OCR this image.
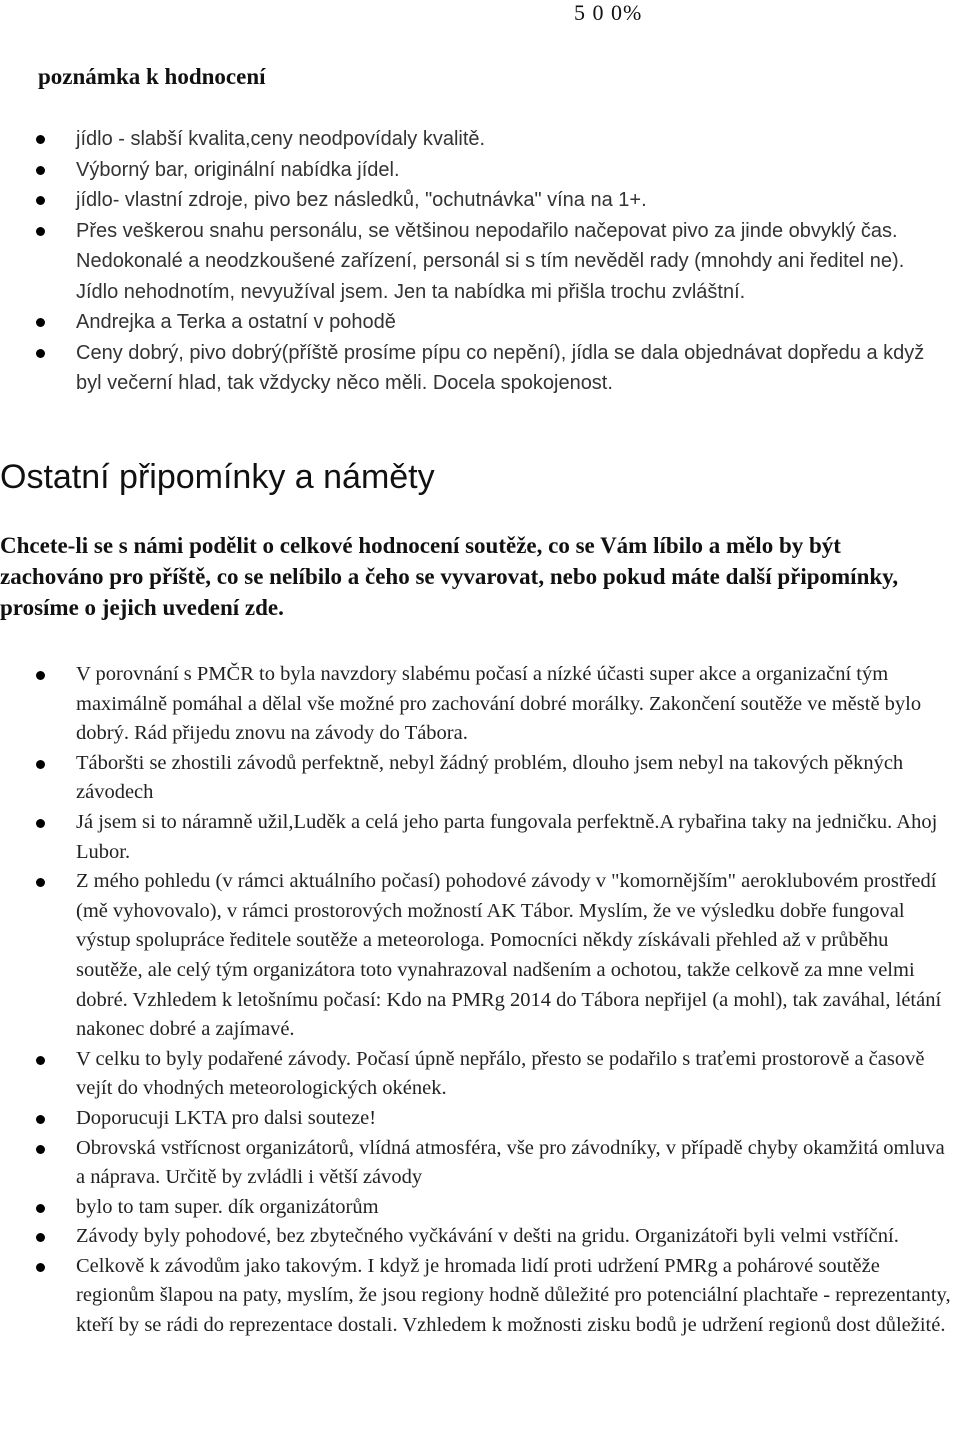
5 0 0%
poznámka k hodnocení
jídlo - slabší kvalita,ceny neodpovídaly kvalitě.
Výborný bar, originální nabídka jídel.
jídlo- vlastní zdroje, pivo bez následků, "ochutnávka" vína na 1+.
Přes veškerou snahu personálu, se většinou nepodařilo načepovat pivo za jinde obvyklý čas. Nedokonalé a neodzkoušené zařízení, personál si s tím nevěděl rady (mnohdy ani ředitel ne). Jídlo nehodnotím, nevyužíval jsem. Jen ta nabídka mi přišla trochu zvláštní.
Andrejka a Terka a ostatní v pohodě
Ceny dobrý, pivo dobrý(příště prosíme pípu co nepění), jídla se dala objednávat dopředu a když byl večerní hlad, tak vždycky něco měli. Docela spokojenost.
Ostatní připomínky a náměty

Chcete-li se s námi podělit o celkové hodnocení soutěže, co se Vám líbilo a mělo by být zachováno pro příště, co se nelíbilo a čeho se vyvarovat, nebo pokud máte další připomínky, prosíme o jejich uvedení zde.

V porovnání s PMČR to byla navzdory slabému počasí a nízké účasti super akce a organizační tým maximálně pomáhal a dělal vše možné pro zachování dobré morálky. Zakončení soutěže ve městě bylo dobrý. Rád přijedu znovu na závody do Tábora.
Táboršti se zhostili závodů perfektně, nebyl žádný problém, dlouho jsem nebyl na takových pěkných závodech
Já jsem si to náramně užil,Luděk a celá jeho parta fungovala perfektně.A rybařina taky na jedničku. Ahoj Lubor.
Z mého pohledu (v rámci aktuálního počasí) pohodové závody v "komornějším" aeroklubovém prostředí (mě vyhovovalo), v rámci prostorových možností AK Tábor. Myslím, že ve výsledku dobře fungoval výstup spolupráce ředitele soutěže a meteorologa. Pomocníci někdy získávali přehled až v průběhu soutěže, ale celý tým organizátora toto vynahrazoval nadšením a ochotou, takže celkově za mne velmi dobré. Vzhledem k letošnímu počasí: Kdo na PMRg 2014 do Tábora nepřijel (a mohl), tak zaváhal, létání nakonec dobré a zajímavé.
V celku to byly podařené závody. Počasí úpně nepřálo, přesto se podařilo s traťemi prostorově a časově vejít do vhodných meteorologických okének.
Doporucuji LKTA pro dalsi souteze!
Obrovská vstřícnost organizátorů, vlídná atmosféra, vše pro závodníky, v případě chyby okamžitá omluva a náprava. Určitě by zvládli i větší závody
bylo to tam super. dík organizátorům
Závody byly pohodové, bez zbytečného vyčkávání v dešti na gridu. Organizátoři byli velmi vstříční.
Celkově k závodům jako takovým. I když je hromada lidí proti udržení PMRg a pohárové soutěže regionům šlapou na paty, myslím, že jsou regiony hodně důležité pro potenciální plachtaře - reprezentanty, kteří by se rádi do reprezentace dostali. Vzhledem k možnosti zisku bodů je udržení regionů dost důležité.
